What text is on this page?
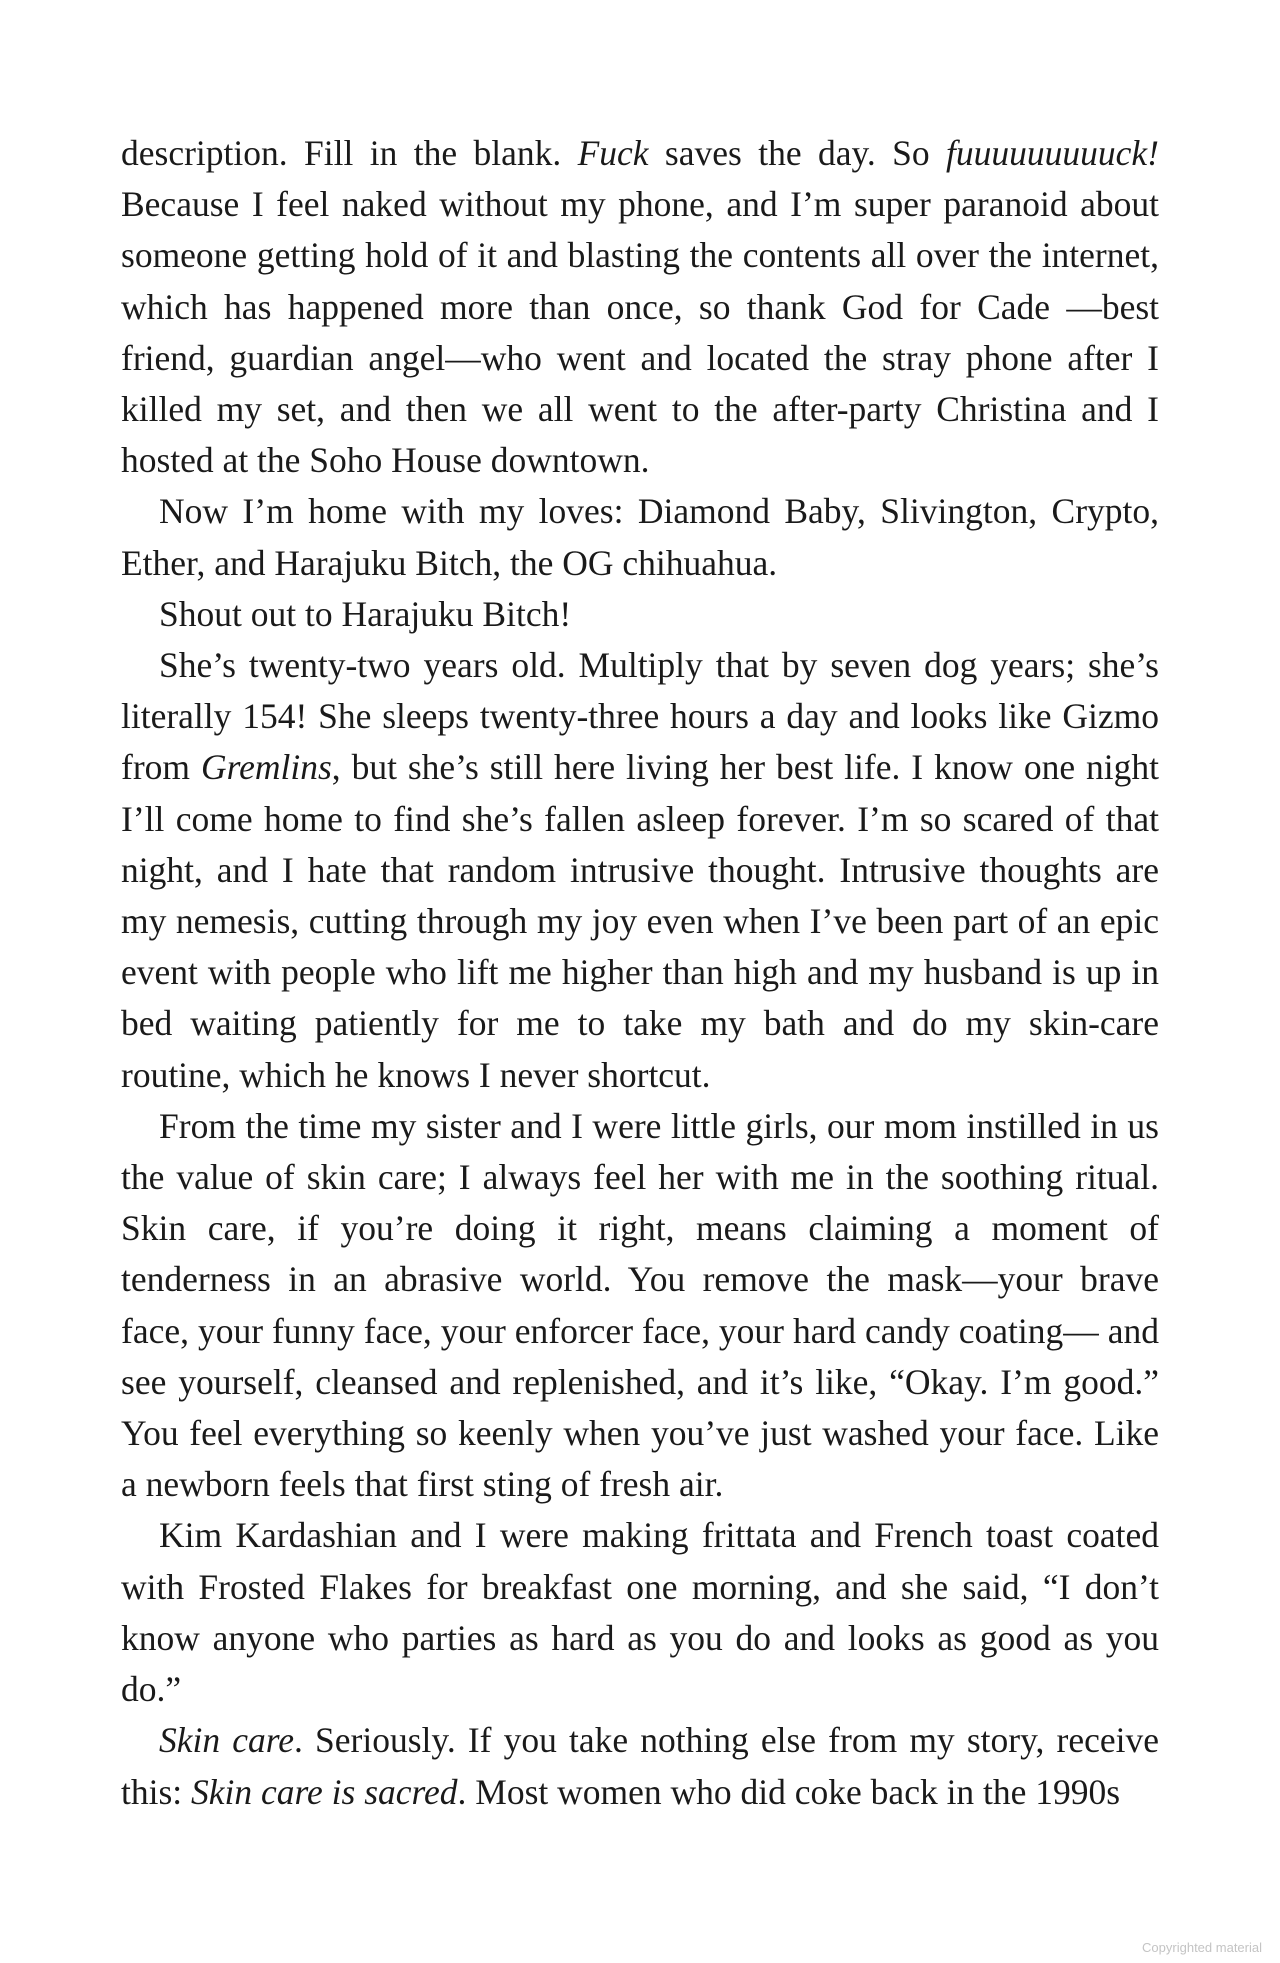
description. Fill in the blank. Fuck saves the day. So fuuuuuuuuuck! Because I feel naked without my phone, and I’m super paranoid about someone getting hold of it and blasting the contents all over the internet, which has happened more than once, so thank God for Cade —best friend, guardian angel—who went and located the stray phone after I killed my set, and then we all went to the after-party Christina and I hosted at the Soho House downtown.

Now I’m home with my loves: Diamond Baby, Slivington, Crypto, Ether, and Harajuku Bitch, the OG chihuahua.

Shout out to Harajuku Bitch!

She’s twenty-two years old. Multiply that by seven dog years; she’s literally 154! She sleeps twenty-three hours a day and looks like Gizmo from Gremlins, but she’s still here living her best life. I know one night I’ll come home to find she’s fallen asleep forever. I’m so scared of that night, and I hate that random intrusive thought. Intrusive thoughts are my nemesis, cutting through my joy even when I’ve been part of an epic event with people who lift me higher than high and my husband is up in bed waiting patiently for me to take my bath and do my skin-care routine, which he knows I never shortcut.

From the time my sister and I were little girls, our mom instilled in us the value of skin care; I always feel her with me in the soothing ritual. Skin care, if you’re doing it right, means claiming a moment of tenderness in an abrasive world. You remove the mask—your brave face, your funny face, your enforcer face, your hard candy coating— and see yourself, cleansed and replenished, and it’s like, “Okay. I’m good.” You feel everything so keenly when you’ve just washed your face. Like a newborn feels that first sting of fresh air.

Kim Kardashian and I were making frittata and French toast coated with Frosted Flakes for breakfast one morning, and she said, “I don’t know anyone who parties as hard as you do and looks as good as you do.”

Skin care. Seriously. If you take nothing else from my story, receive this: Skin care is sacred. Most women who did coke back in the 1990s

Copyrighted material
